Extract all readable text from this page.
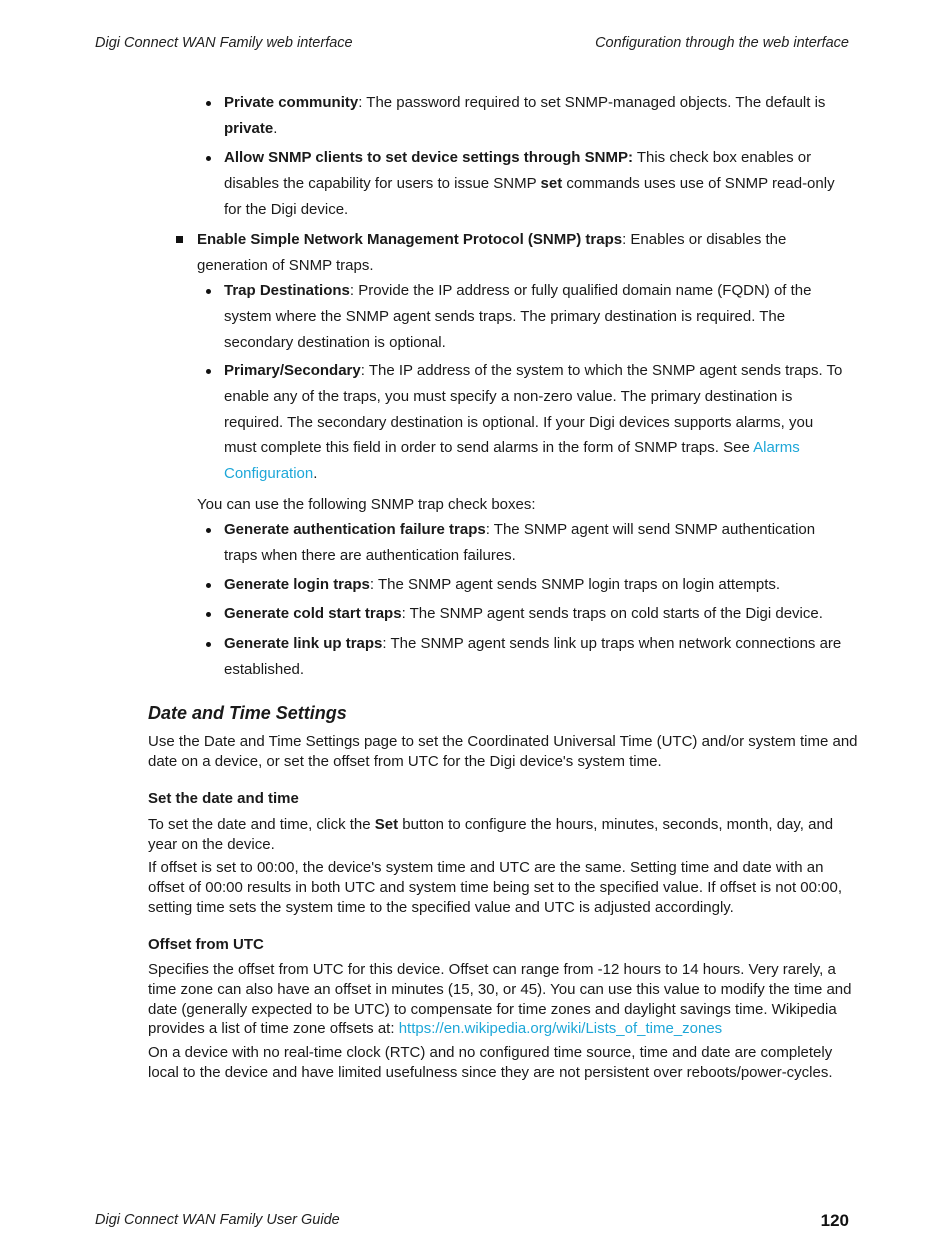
Digi Connect WAN Family web interface	Configuration through the web interface

Private community: The password required to set SNMP-managed objects. The default is private.

Allow SNMP clients to set device settings through SNMP: This check box enables or disables the capability for users to issue SNMP set commands uses use of SNMP read-only for the Digi device.

Enable Simple Network Management Protocol (SNMP) traps: Enables or disables the generation of SNMP traps.

Trap Destinations: Provide the IP address or fully qualified domain name (FQDN) of the system where the SNMP agent sends traps. The primary destination is required. The secondary destination is optional.

Primary/Secondary: The IP address of the system to which the SNMP agent sends traps. To enable any of the traps, you must specify a non-zero value. The primary destination is required. The secondary destination is optional. If your Digi devices supports alarms, you must complete this field in order to send alarms in the form of SNMP traps. See Alarms Configuration.

You can use the following SNMP trap check boxes:

Generate authentication failure traps: The SNMP agent will send SNMP authentication traps when there are authentication failures.

Generate login traps: The SNMP agent sends SNMP login traps on login attempts.

Generate cold start traps: The SNMP agent sends traps on cold starts of the Digi device.

Generate link up traps: The SNMP agent sends link up traps when network connections are established.

Date and Time Settings

Use the Date and Time Settings page to set the Coordinated Universal Time (UTC) and/or system time and date on a device, or set the offset from UTC for the Digi device's system time.

Set the date and time

To set the date and time, click the Set button to configure the hours, minutes, seconds, month, day, and year on the device.

If offset is set to 00:00, the device's system time and UTC are the same. Setting time and date with an offset of 00:00 results in both UTC and system time being set to the specified value. If offset is not 00:00, setting time sets the system time to the specified value and UTC is adjusted accordingly.

Offset from UTC

Specifies the offset from UTC for this device. Offset can range from -12 hours to 14 hours. Very rarely, a time zone can also have an offset in minutes (15, 30, or 45). You can use this value to modify the time and date (generally expected to be UTC) to compensate for time zones and daylight savings time. Wikipedia provides a list of time zone offsets at: https://en.wikipedia.org/wiki/Lists_of_time_zones

On a device with no real-time clock (RTC) and no configured time source, time and date are completely local to the device and have limited usefulness since they are not persistent over reboots/power-cycles.

Digi Connect WAN Family User Guide	120
